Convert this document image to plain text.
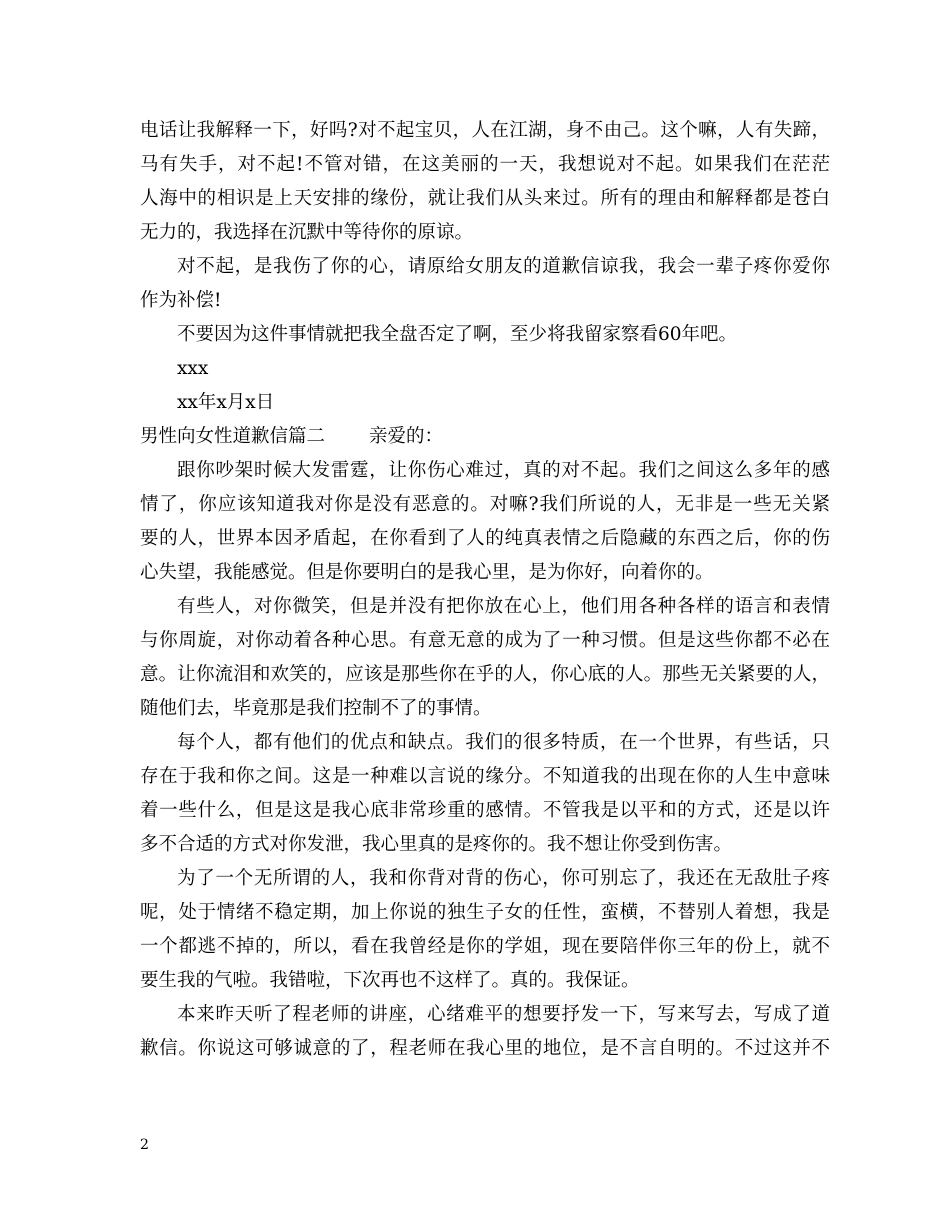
电话让我解释一下，好吗?对不起宝贝，人在江湖，身不由己。这个嘛，人有失蹄，
马有失手，对不起!不管对错，在这美丽的一天，我想说对不起。如果我们在茫茫
人海中的相识是上天安排的缘份，就让我们从头来过。所有的理由和解释都是苍白
无力的，我选择在沉默中等待你的原谅。
对不起，是我伤了你的心，请原给女朋友的道歉信谅我，我会一辈子疼你爱你
作为补偿!
不要因为这件事情就把我全盘否定了啊，至少将我留家察看60年吧。
xxx
xx年x月x日
男性向女性道歉信篇二 亲爱的：
跟你吵架时候大发雷霆，让你伤心难过，真的对不起。我们之间这么多年的感
情了，你应该知道我对你是没有恶意的。对嘛?我们所说的人，无非是一些无关紧
要的人，世界本因矛盾起，在你看到了人的纯真表情之后隐藏的东西之后，你的伤
心失望，我能感觉。但是你要明白的是我心里，是为你好，向着你的。
有些人，对你微笑，但是并没有把你放在心上，他们用各种各样的语言和表情
与你周旋，对你动着各种心思。有意无意的成为了一种习惯。但是这些你都不必在
意。让你流泪和欢笑的，应该是那些你在乎的人，你心底的人。那些无关紧要的人，
随他们去，毕竟那是我们控制不了的事情。
每个人，都有他们的优点和缺点。我们的很多特质，在一个世界，有些话，只
存在于我和你之间。这是一种难以言说的缘分。不知道我的出现在你的人生中意味
着一些什么，但是这是我心底非常珍重的感情。不管我是以平和的方式，还是以许
多不合适的方式对你发泄，我心里真的是疼你的。我不想让你受到伤害。
为了一个无所谓的人，我和你背对背的伤心，你可别忘了，我还在无敌肚子疼
呢，处于情绪不稳定期，加上你说的独生子女的任性，蛮横，不替别人着想，我是
一个都逃不掉的，所以，看在我曾经是你的学姐，现在要陪伴你三年的份上，就不
要生我的气啦。我错啦，下次再也不这样了。真的。我保证。
本来昨天听了程老师的讲座，心绪难平的想要抒发一下，写来写去，写成了道
歉信。你说这可够诚意的了，程老师在我心里的地位，是不言自明的。不过这并不
2
